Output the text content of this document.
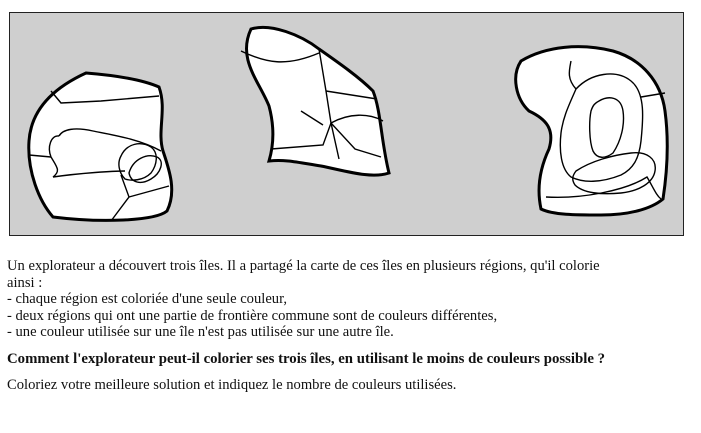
Un explorateur a découvert trois îles. Il a partagé la carte de ces îles en plusieurs régions, qu'il colorie

ainsi :

- chaque région est coloriée d'une seule couleur,

- deux régions qui ont une partie de frontière commune sont de couleurs différentes,

- une couleur utilisée sur une île n'est pas utilisée sur une autre île.

Comment l'explorateur peut-il colorier ses trois îles, en utilisant le moins de couleurs possible ?
Coloriez votre meilleure solution et indiquez le nombre de couleurs utilisées.
